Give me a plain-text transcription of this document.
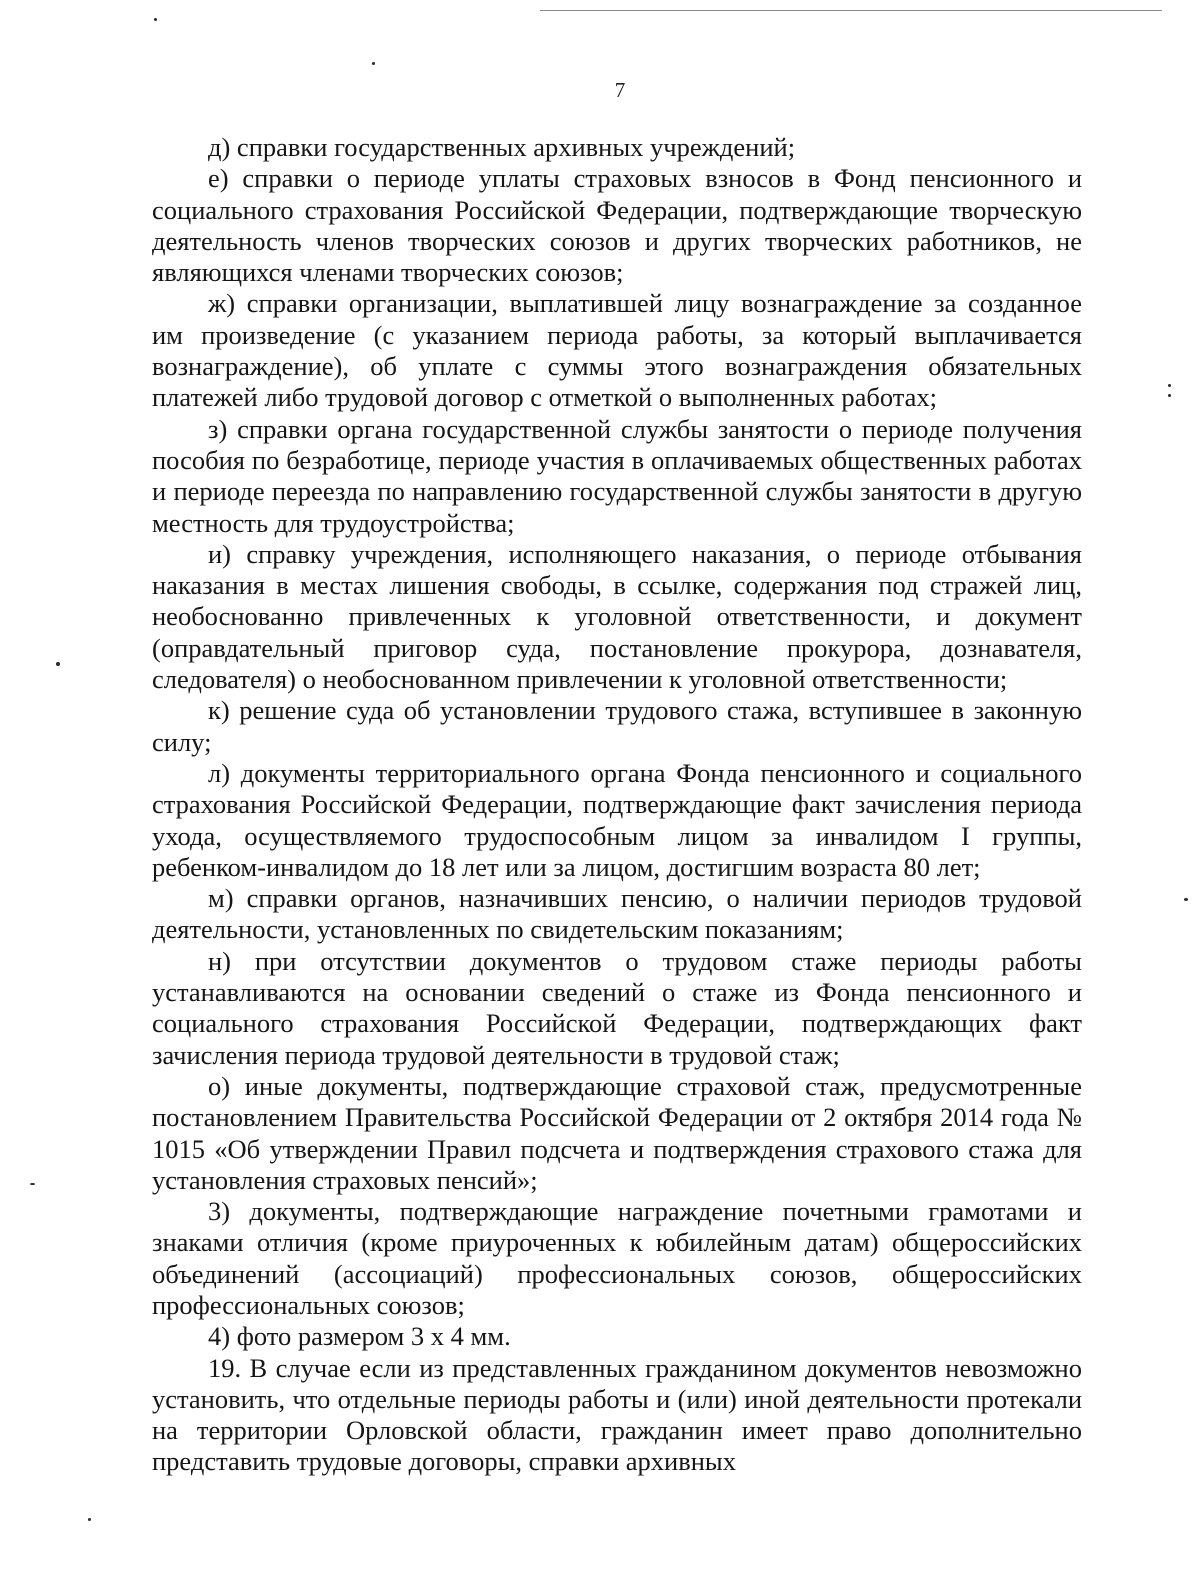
7

д) справки государственных архивных учреждений;

е) справки о периоде уплаты страховых взносов в Фонд пенсионного и социального страхования Российской Федерации, подтверждающие творческую деятельность членов творческих союзов и других творческих работников, не являющихся членами творческих союзов;

ж) справки организации, выплатившей лицу вознаграждение за созданное им произведение (с указанием периода работы, за который выплачивается вознаграждение), об уплате с суммы этого вознаграждения обязательных платежей либо трудовой договор с отметкой о выполненных работах;

з) справки органа государственной службы занятости о периоде получения пособия по безработице, периоде участия в оплачиваемых общественных работах и периоде переезда по направлению государственной службы занятости в другую местность для трудоустройства;

и) справку учреждения, исполняющего наказания, о периоде отбывания наказания в местах лишения свободы, в ссылке, содержания под стражей лиц, необоснованно привлеченных к уголовной ответственности, и документ (оправдательный приговор суда, постановление прокурора, дознавателя, следователя) о необоснованном привлечении к уголовной ответственности;

к) решение суда об установлении трудового стажа, вступившее в законную силу;

л) документы территориального органа Фонда пенсионного и социального страхования Российской Федерации, подтверждающие факт зачисления периода ухода, осуществляемого трудоспособным лицом за инвалидом I группы, ребенком-инвалидом до 18 лет или за лицом, достигшим возраста 80 лет;

м) справки органов, назначивших пенсию, о наличии периодов трудовой деятельности, установленных по свидетельским показаниям;

н) при отсутствии документов о трудовом стаже периоды работы устанавливаются на основании сведений о стаже из Фонда пенсионного и социального страхования Российской Федерации, подтверждающих факт зачисления периода трудовой деятельности в трудовой стаж;

о) иные документы, подтверждающие страховой стаж, предусмотренные постановлением Правительства Российской Федерации от 2 октября 2014 года № 1015 «Об утверждении Правил подсчета и подтверждения страхового стажа для установления страховых пенсий»;

3) документы, подтверждающие награждение почетными грамотами и знаками отличия (кроме приуроченных к юбилейным датам) общероссийских объединений (ассоциаций) профессиональных союзов, общероссийских профессиональных союзов;

4) фото размером 3 х 4 мм.

19. В случае если из представленных гражданином документов невозможно установить, что отдельные периоды работы и (или) иной деятельности протекали на территории Орловской области, гражданин имеет право дополнительно представить трудовые договоры, справки архивных
